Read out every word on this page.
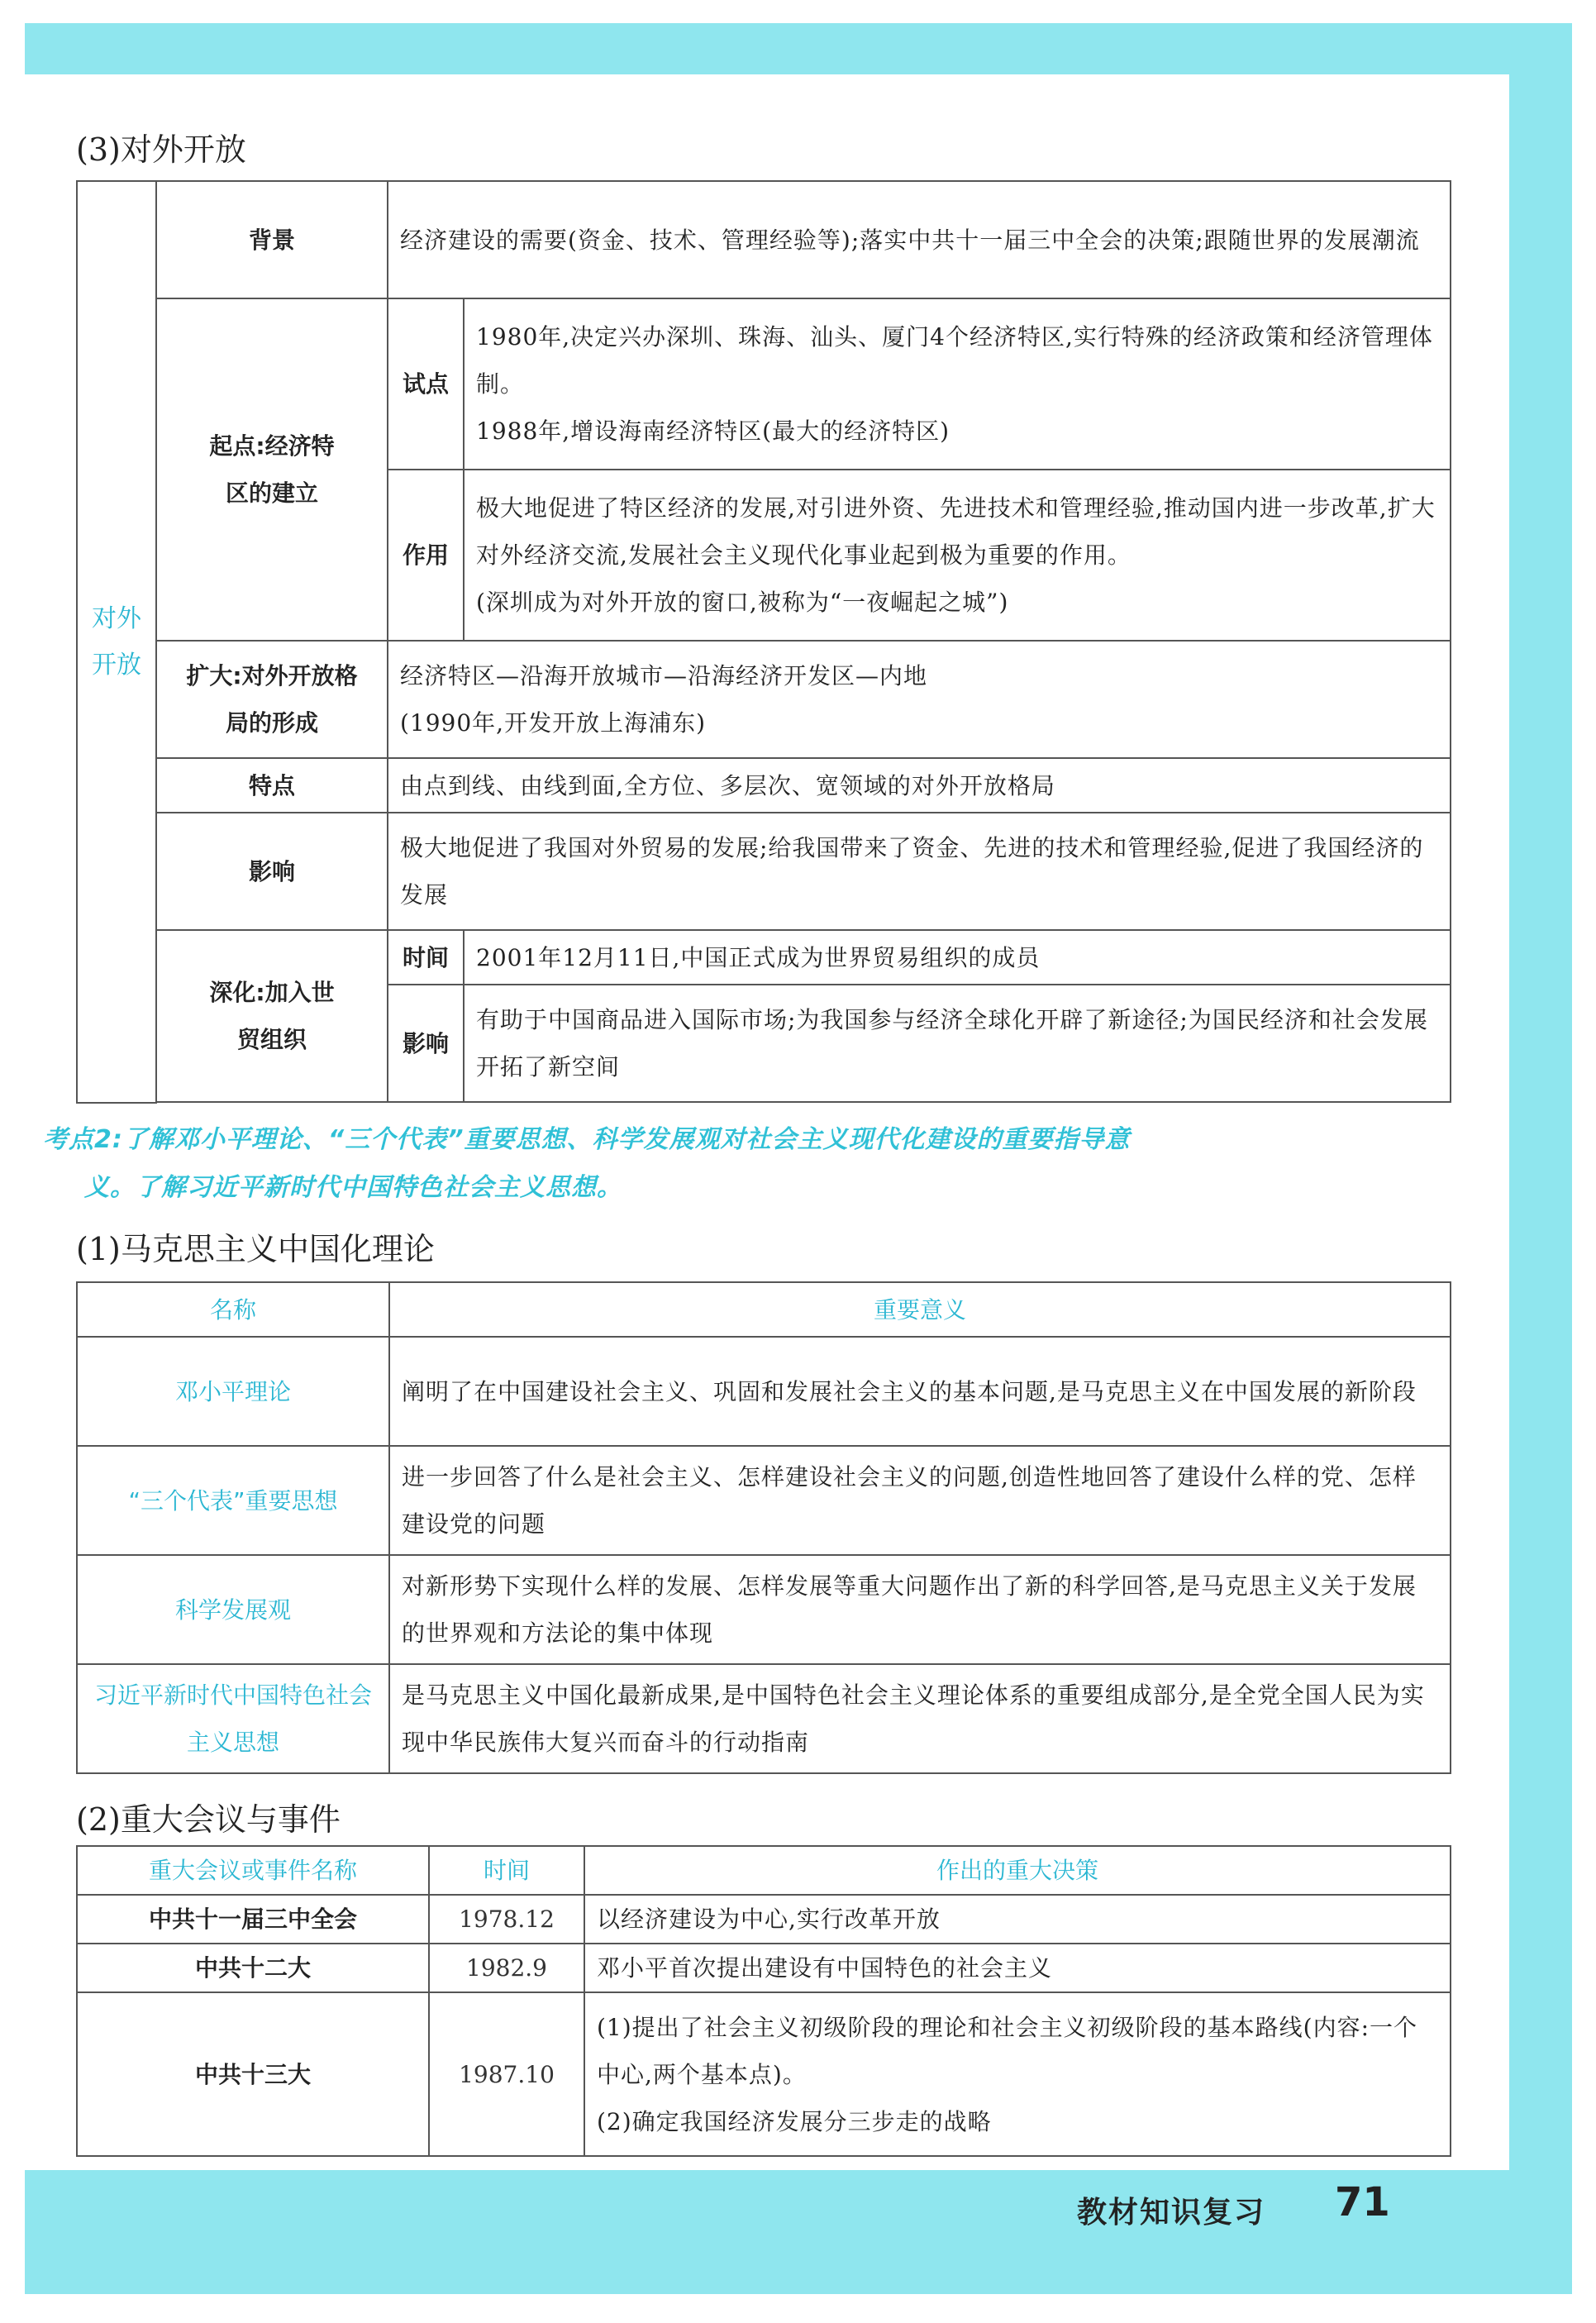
(3)对外开放
对外开放	背景	经济建设的需要(资金、技术、管理经验等);落实中共十一届三中全会的决策;跟随世界的发展潮流	
	起点:经济特区的建立	试点	1980年,决定兴办深圳、珠海、汕头、厦门4个经济特区,实行特殊的经济政策和经济管理体制。
1988年,增设海南经济特区(最大的经济特区)

		作用	极大地促进了特区经济的发展,对引进外资、先进技术和管理经验,推动国内进一步改革,扩大对外经济交流,发展社会主义现代化事业起到极为重要的作用。
(深圳成为对外开放的窗口,被称为“一夜崛起之城”)

	扩大:对外开放格局的形成	经济特区—沿海开放城市—沿海经济开发区—内地
(1990年,开发开放上海浦东)	

	特点	由点到线、由线到面,全方位、多层次、宽领域的对外开放格局	
	影响	极大地促进了我国对外贸易的发展;给我国带来了资金、先进的技术和管理经验,促进了我国经济的发展	
	深化:加入世贸组织	时间	2001年12月11日,中国正式成为世界贸易组织的成员
		影响	有助于中国商品进入国际市场;为我国参与经济全球化开辟了新途径;为国民经济和社会发展开拓了新空间

考点2:了解邓小平理论、“三个代表”重要思想、科学发展观对社会主义现代化建设的重要指导意
义。了解习近平新时代中国特色社会主义思想。
(1)马克思主义中国化理论
名称	重要意义
邓小平理论	阐明了在中国建设社会主义、巩固和发展社会主义的基本问题,是马克思主义在中国发展的新阶段
“三个代表”重要思想	进一步回答了什么是社会主义、怎样建设社会主义的问题,创造性地回答了建设什么样的党、怎样建设党的问题
科学发展观	对新形势下实现什么样的发展、怎样发展等重大问题作出了新的科学回答,是马克思主义关于发展的世界观和方法论的集中体现
习近平新时代中国特色社会主义思想	是马克思主义中国化最新成果,是中国特色社会主义理论体系的重要组成部分,是全党全国人民为实现中华民族伟大复兴而奋斗的行动指南
(2)重大会议与事件
重大会议或事件名称	时间	作出的重大决策
中共十一届三中全会	1978.12	以经济建设为中心,实行改革开放
中共十二大	1982.9	邓小平首次提出建设有中国特色的社会主义
中共十三大	1987.10	(1)提出了社会主义初级阶段的理论和社会主义初级阶段的基本路线(内容:一个中心,两个基本点)。
(2)确定我国经济发展分三步走的战略
教材知识复习 71
